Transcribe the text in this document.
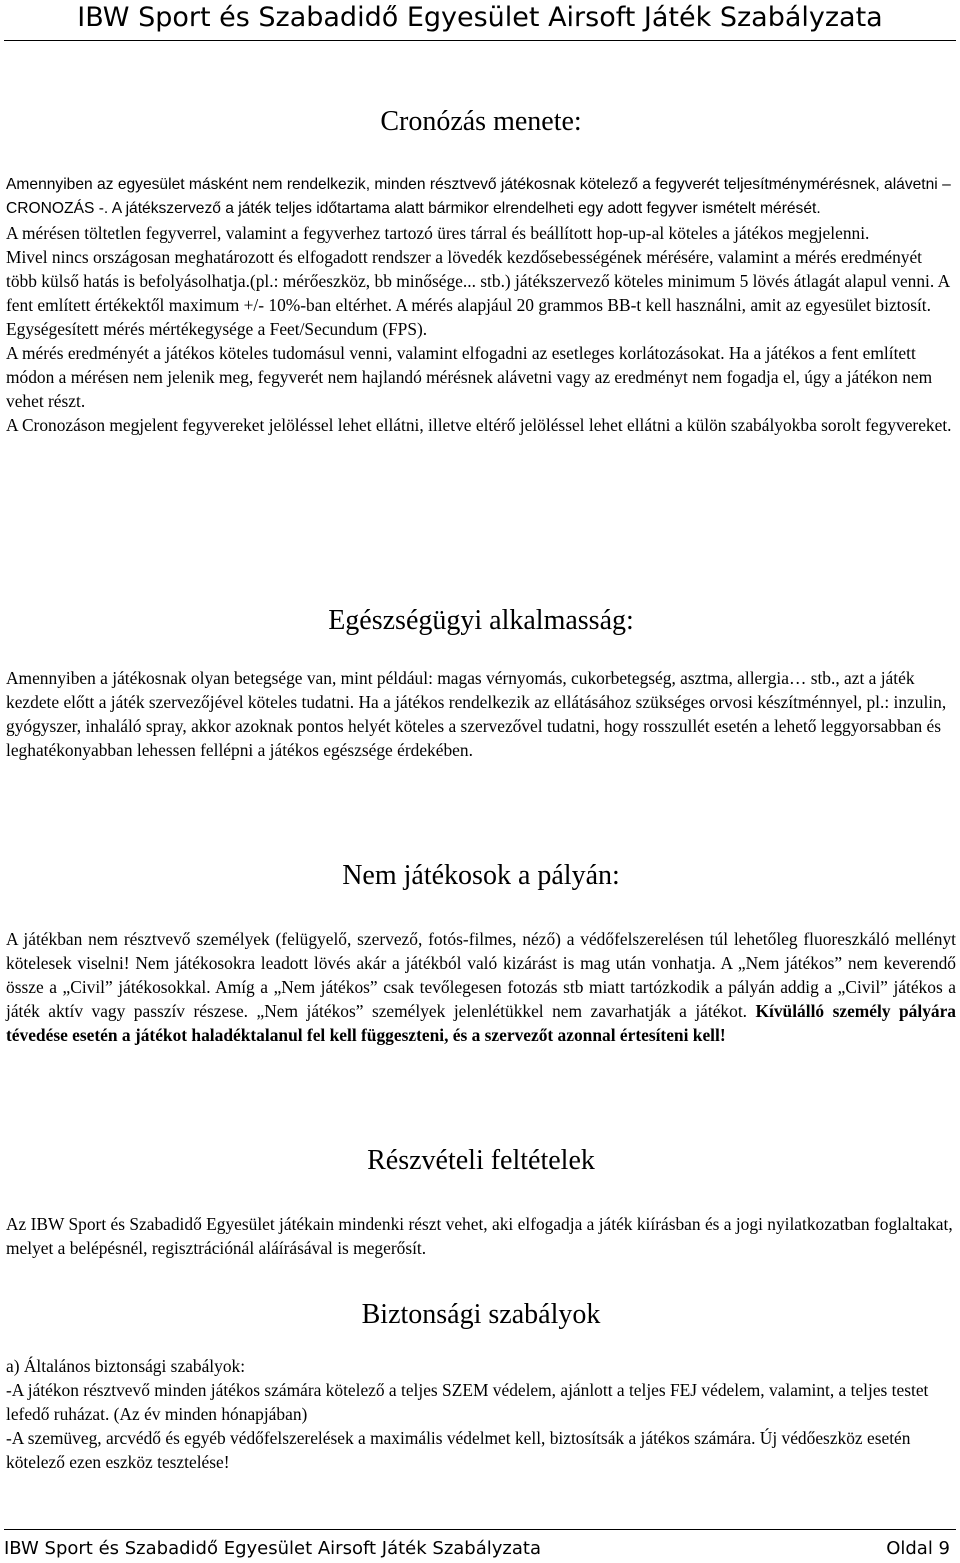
IBW Sport és Szabadidő Egyesület Airsoft Játék Szabályzata
Cronózás menete:

Amennyiben az egyesület másként nem rendelkezik, minden résztvevő játékosnak kötelező a fegyverét teljesítménymérésnek, alávetni – CRONOZÁS -. A játékszervező a játék teljes időtartama alatt bármikor elrendelheti egy adott fegyver ismételt mérését.

A mérésen töltetlen fegyverrel, valamint a fegyverhez tartozó üres tárral és beállított hop-up-al köteles a játékos megjelenni.

Mivel nincs országosan meghatározott és elfogadott rendszer a lövedék kezdősebességének mérésére, valamint a mérés eredményét több külső hatás is befolyásolhatja.(pl.: mérőeszköz, bb minősége... stb.) játékszervező köteles minimum 5 lövés átlagát alapul venni. A fent említett értékektől maximum +/- 10%-ban eltérhet. A mérés alapjául 20 grammos BB-t kell használni, amit az egyesület biztosít. Egységesített mérés mértékegysége a Feet/Secundum (FPS).

A mérés eredményét a játékos köteles tudomásul venni, valamint elfogadni az esetleges korlátozásokat. Ha a játékos a fent említett módon a mérésen nem jelenik meg, fegyverét nem hajlandó mérésnek alávetni vagy az eredményt nem fogadja el, úgy a játékon nem vehet részt.

A Cronozáson megjelent fegyvereket jelöléssel lehet ellátni, illetve eltérő jelöléssel lehet ellátni a külön szabályokba sorolt fegyvereket.

Egészségügyi alkalmasság:

Amennyiben a játékosnak olyan betegsége van, mint például: magas vérnyomás, cukorbetegség, asztma, allergia… stb., azt a játék kezdete előtt a játék szervezőjével köteles tudatni. Ha a játékos rendelkezik az ellátásához szükséges orvosi készítménnyel, pl.: inzulin, gyógyszer, inhaláló spray, akkor azoknak pontos helyét köteles a szervezővel tudatni, hogy rosszullét esetén a lehető leggyorsabban és leghatékonyabban lehessen fellépni a játékos egészsége érdekében.

Nem játékosok a pályán:

A játékban nem résztvevő személyek (felügyelő, szervező, fotós-filmes, néző) a védőfelszerelésen túl lehetőleg fluoreszkáló mellényt kötelesek viselni! Nem játékosokra leadott lövés akár a játékból való kizárást is mag után vonhatja. A „Nem játékos” nem keverendő össze a „Civil” játékosokkal. Amíg a „Nem játékos” csak tevőlegesen fotozás stb miatt tartózkodik a pályán addig a „Civil” játékos a játék aktív vagy passzív részese. „Nem játékos” személyek jelenlétükkel nem zavarhatják a játékot. Kívülálló személy pályára tévedése esetén a játékot haladéktalanul fel kell függeszteni, és a szervezőt azonnal értesíteni kell!

Részvételi feltételek

Az IBW Sport és Szabadidő Egyesület játékain mindenki részt vehet, aki elfogadja a játék kiírásban és a jogi nyilatkozatban foglaltakat, melyet a belépésnél, regisztrációnál aláírásával is megerősít.

Biztonsági szabályok

a) Általános biztonsági szabályok:

-A játékon résztvevő minden játékos számára kötelező a teljes SZEM védelem, ajánlott a teljes FEJ védelem, valamint, a teljes testet lefedő ruházat. (Az év minden hónapjában)

-A szemüveg, arcvédő és egyéb védőfelszerelések a maximális védelmet kell, biztosítsák a játékos számára. Új védőeszköz esetén kötelező ezen eszköz tesztelése!

IBW Sport és Szabadidő Egyesület Airsoft Játék Szabályzata	Oldal 9
